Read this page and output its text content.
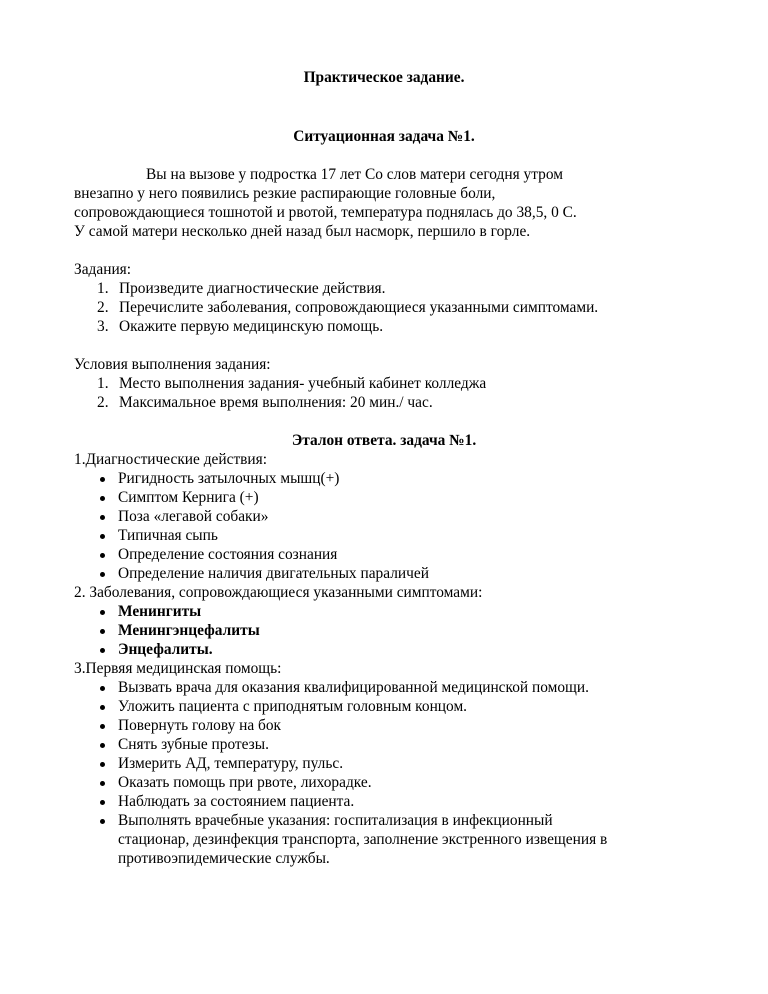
Практическое задание.
Ситуационная задача №1.
Вы на вызове у подростка 17 лет Со слов матери сегодня утром
внезапно у него появились резкие распирающие головные боли,
сопровождающиеся тошнотой и рвотой, температура поднялась до 38,5, 0 С.
У самой матери несколько дней назад был насморк, першило в горле.
Задания:
1. Произведите диагностические действия.
2. Перечислите заболевания, сопровождающиеся указанными симптомами.
3. Окажите первую медицинскую помощь.
Условия выполнения задания:
1. Место выполнения задания- учебный кабинет колледжа
2. Максимальное время выполнения: 20 мин./ час.
Эталон ответа. задача №1.
1.Диагностические действия:
Ригидность затылочных мышц(+)
Симптом Кернига (+)
Поза «легавой собаки»
Типичная сыпь
Определение состояния сознания
Определение наличия двигательных параличей
2. Заболевания, сопровождающиеся указанными симптомами:
Менингиты
Менингэнцефалиты
Энцефалиты.
3.Первяя медицинская помощь:
Вызвать врача для оказания квалифицированной медицинской помощи.
Уложить пациента с приподнятым головным концом.
Повернуть голову на бок
Снять зубные протезы.
Измерить АД, температуру, пульс.
Оказать помощь при рвоте, лихорадке.
Наблюдать за состоянием пациента.
Выполнять врачебные указания: госпитализация в инфекционный
стационар, дезинфекция транспорта, заполнение экстренного извещения в
противоэпидемические службы.
